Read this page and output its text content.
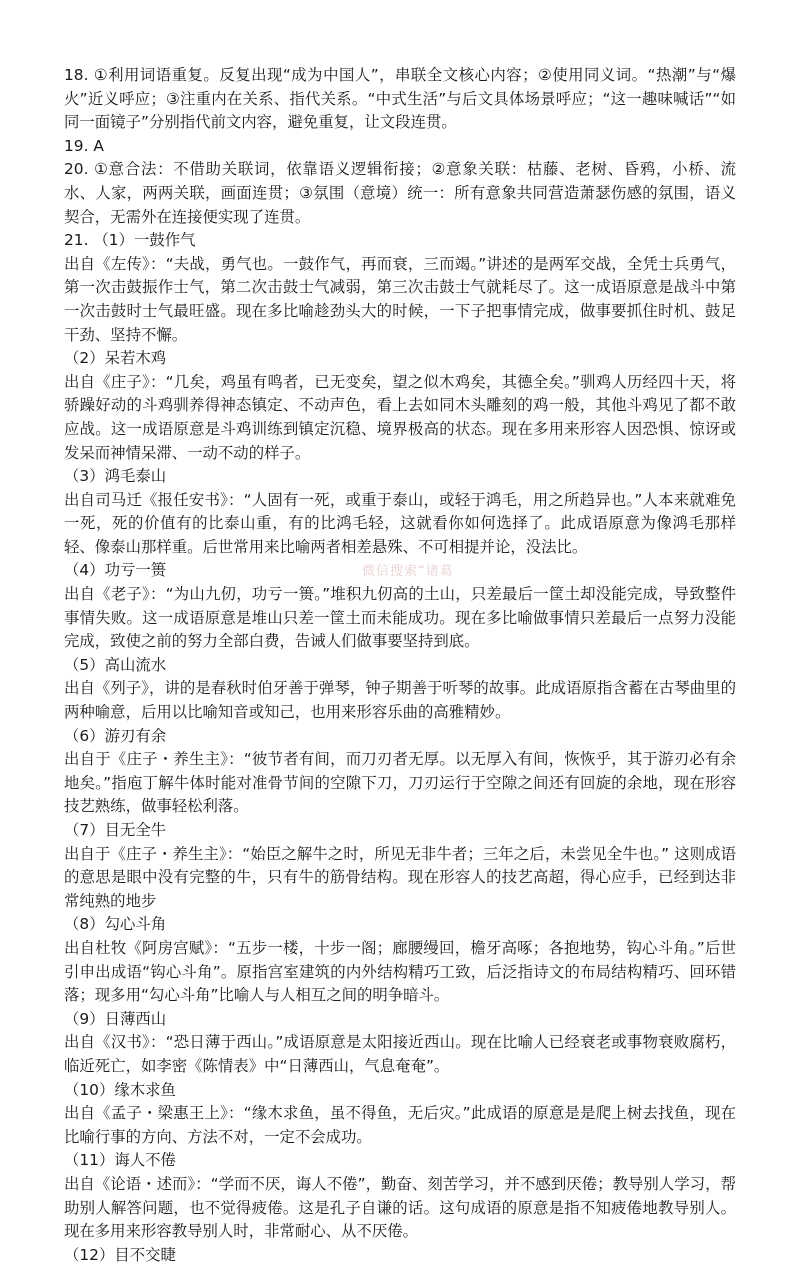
18. ①利用词语重复。反复出现“成为中国人”，串联全文核心内容；②使用同义词。“热潮”与“爆火”近义呼应；③注重内在关系、指代关系。“中式生活”与后文具体场景呼应；“这一趣味喊话”“如同一面镜子”分别指代前文内容，避免重复，让文段连贯。

19. A

20. ①意合法：不借助关联词，依靠语义逻辑衔接；②意象关联：枯藤、老树、昏鸦，小桥、流水、人家，两两关联，画面连贯；③氛围（意境）统一：所有意象共同营造萧瑟伤感的氛围，语义契合，无需外在连接便实现了连贯。

21. （1）一鼓作气

出自《左传》：“夫战，勇气也。一鼓作气，再而衰，三而竭。”讲述的是两军交战，全凭士兵勇气，第一次击鼓振作士气，第二次击鼓士气减弱，第三次击鼓士气就耗尽了。这一成语原意是战斗中第一次击鼓时士气最旺盛。现在多比喻趁劲头大的时候，一下子把事情完成，做事要抓住时机、鼓足干劲、坚持不懈。

（2）呆若木鸡

出自《庄子》：“几矣，鸡虽有鸣者，已无变矣，望之似木鸡矣，其德全矣。”驯鸡人历经四十天，将骄躁好动的斗鸡驯养得神态镇定、不动声色，看上去如同木头雕刻的鸡一般，其他斗鸡见了都不敢应战。这一成语原意是斗鸡训练到镇定沉稳、境界极高的状态。现在多用来形容人因恐惧、惊讶或发呆而神情呆滞、一动不动的样子。

（3）鸿毛泰山

出自司马迁《报任安书》：“人固有一死，或重于泰山，或轻于鸿毛，用之所趋异也。”人本来就难免一死，死的价值有的比泰山重，有的比鸿毛轻，这就看你如何选择了。此成语原意为像鸿毛那样轻、像泰山那样重。后世常用来比喻两者相差悬殊、不可相提并论，没法比。

（4）功亏一篑

出自《老子》：“为山九仞，功亏一篑。”堆积九仞高的土山，只差最后一筐土却没能完成，导致整件事情失败。这一成语原意是堆山只差一筐土而未能成功。现在多比喻做事情只差最后一点努力没能完成，致使之前的努力全部白费，告诫人们做事要坚持到底。

（5）高山流水

出自《列子》，讲的是春秋时伯牙善于弹琴，钟子期善于听琴的故事。此成语原指含蓄在古琴曲里的两种喻意，后用以比喻知音或知己，也用来形容乐曲的高雅精妙。

（6）游刃有余

出自于《庄子・养生主》：“彼节者有间，而刀刃者无厚。以无厚入有间，恢恢乎，其于游刃必有余地矣。”指庖丁解牛体时能对准骨节间的空隙下刀，刀刃运行于空隙之间还有回旋的余地，现在形容技艺熟练，做事轻松利落。

（7）目无全牛

出自于《庄子・养生主》：“始臣之解牛之时，所见无非牛者；三年之后，未尝见全牛也。” 这则成语的意思是眼中没有完整的牛，只有牛的筋骨结构。现在形容人的技艺高超，得心应手，已经到达非常纯熟的地步

（8）勾心斗角

出自杜牧《阿房宫赋》：“五步一楼，十步一阁；廊腰缦回，檐牙高啄；各抱地势，钩心斗角。”后世引申出成语“钩心斗角”。原指宫室建筑的内外结构精巧工致，后泛指诗文的布局结构精巧、回环错落；现多用“勾心斗角”比喻人与人相互之间的明争暗斗。

（9）日薄西山

出自《汉书》：“恐日薄于西山。”成语原意是太阳接近西山。现在比喻人已经衰老或事物衰败腐朽，临近死亡，如李密《陈情表》中“日薄西山，气息奄奄”。

（10）缘木求鱼

出自《孟子・梁惠王上》：“缘木求鱼，虽不得鱼，无后灾。”此成语的原意是是爬上树去找鱼，现在比喻行事的方向、方法不对，一定不会成功。

（11）诲人不倦

出自《论语・述而》：“学而不厌，诲人不倦”，勤奋、刻苦学习，并不感到厌倦；教导别人学习，帮助别人解答问题，也不觉得疲倦。这是孔子自谦的话。这句成语的原意是指不知疲倦地教导别人。现在多用来形容教导别人时，非常耐心、从不厌倦。

（12）目不交睫

微信搜索“诸葛
